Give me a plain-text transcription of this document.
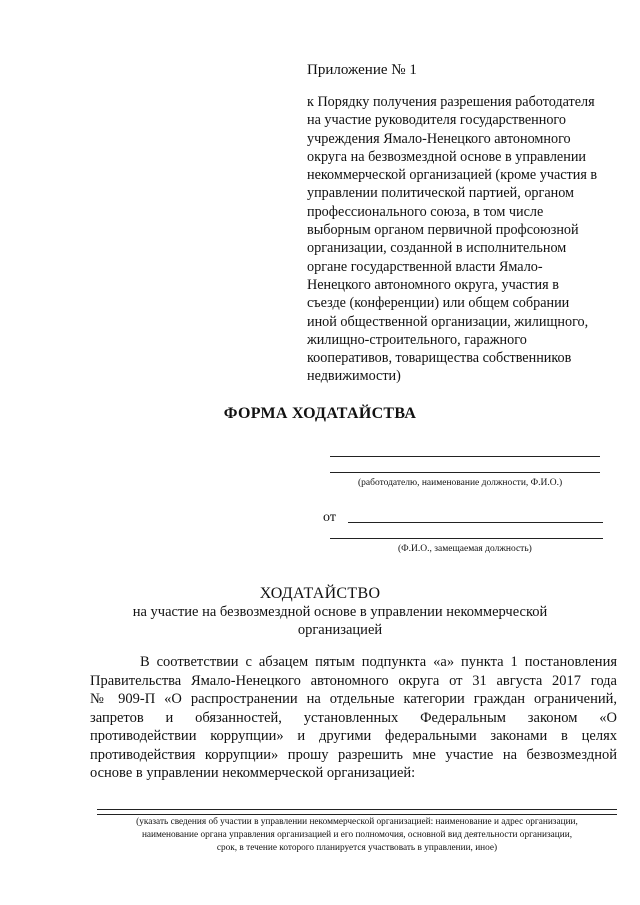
Приложение № 1
к Порядку получения разрешения работодателя
на участие руководителя государственного
учреждения Ямало-Ненецкого автономного
округа на безвозмездной основе в управлении
некоммерческой организацией (кроме участия в
управлении политической партией, органом
профессионального союза, в том числе
выборным органом первичной профсоюзной
организации, созданной в исполнительном
органе государственной власти Ямало-
Ненецкого автономного округа, участия в
съезде (конференции) или общем собрании
иной общественной организации, жилищного,
жилищно-строительного, гаражного
кооперативов, товарищества собственников
недвижимости)
ФОРМА ХОДАТАЙСТВА
(работодателю, наименование должности, Ф.И.О.)
от
(Ф.И.О., замещаемая должность)
ХОДАТАЙСТВО
на участие на безвозмездной основе в управлении некоммерческой организацией
В соответствии с абзацем пятым подпункта «а» пункта 1 постановления
Правительства Ямало-Ненецкого автономного округа от 31 августа 2017 года
№ 909-П «О распространении на отдельные категории граждан ограничений,
запретов и обязанностей, установленных Федеральным законом «О
противодействии коррупции» и другими федеральными законами в целях
противодействия коррупции» прошу разрешить мне участие на безвозмездной
основе в управлении некоммерческой организацией:
(указать сведения об участии в управлении некоммерческой организацией: наименование и адрес организации,
наименование органа управления организацией и его полномочия, основной вид деятельности организации,
срок, в течение которого планируется участвовать в управлении, иное)
